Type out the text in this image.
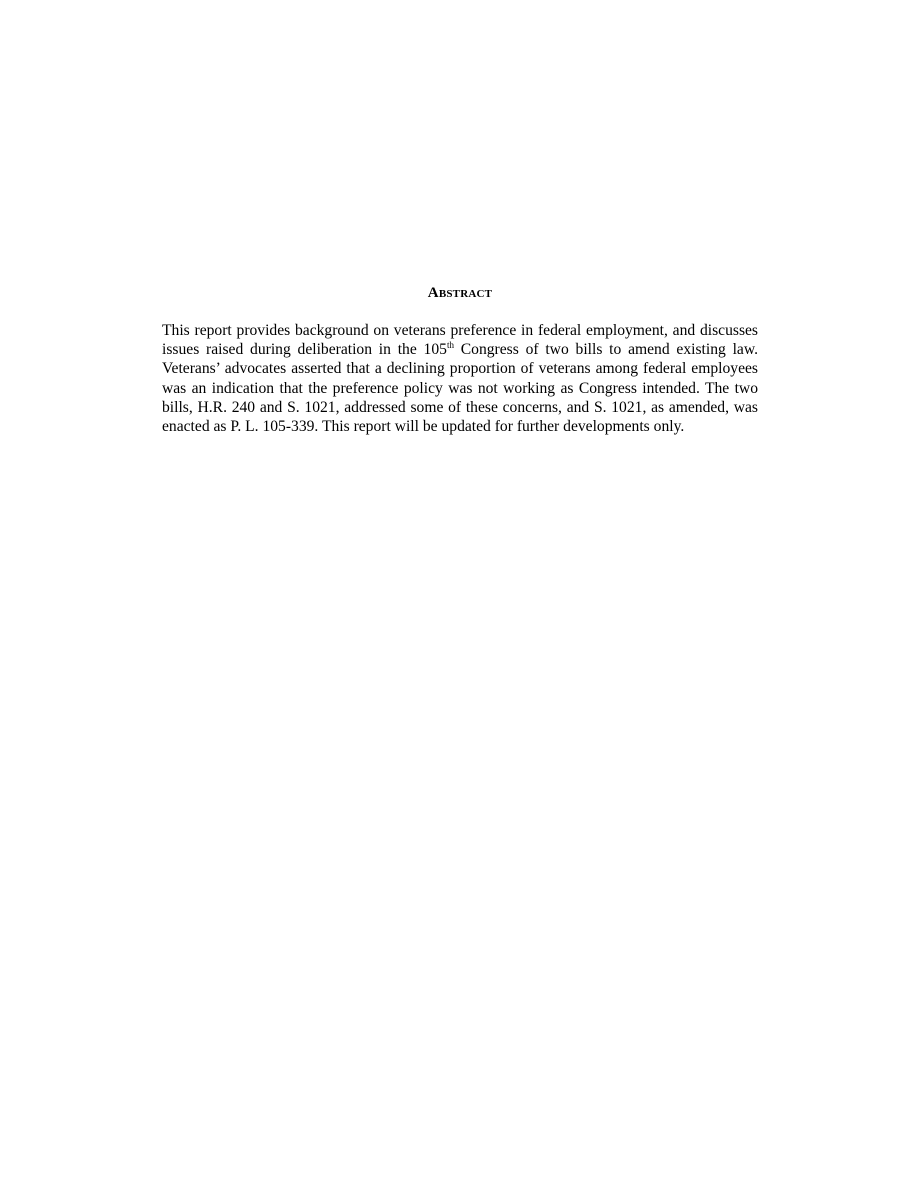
Abstract

This report provides background on veterans preference in federal employment, and discusses issues raised during deliberation in the 105th Congress of two bills to amend existing law. Veterans’ advocates asserted that a declining proportion of veterans among federal employees was an indication that the preference policy was not working as Congress intended. The two bills, H.R. 240 and S. 1021, addressed some of these concerns, and S. 1021, as amended, was enacted as P. L. 105-339. This report will be updated for further developments only.
